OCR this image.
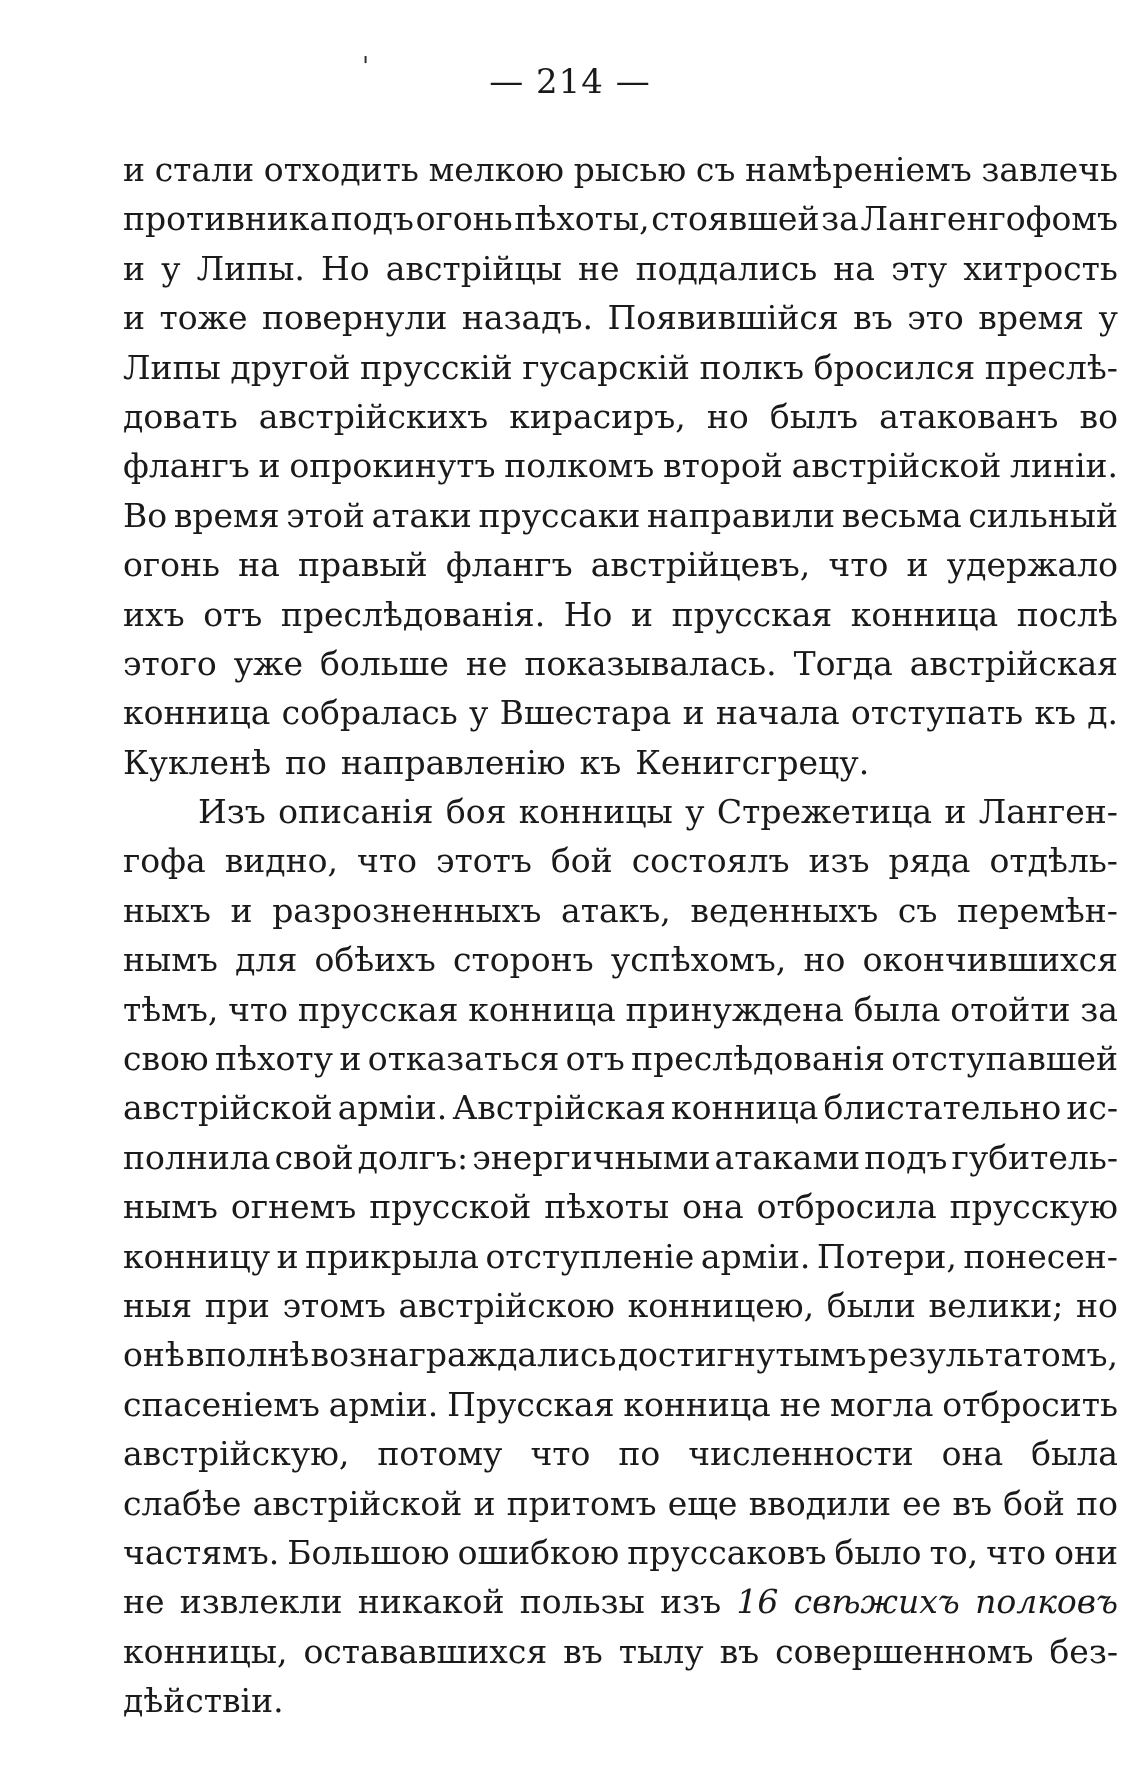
— 214 —
и стали отходить мелкою рысью съ намѣреніемъ завлечь
противника подъ огонь пѣхоты, стоявшей за Лангенгофомъ
и у Липы. Но австрійцы не поддались на эту хитрость
и тоже повернули назадъ. Появившійся въ это время у
Липы другой прусскій гусарскій полкъ бросился прeслѣ-
довать австрійскихъ кирасиръ, но былъ атакованъ во
флангъ и опрокинутъ полкомъ второй австрійской линіи.
Во время этой атаки пруссаки направили весьма сильный
огонь на правый флангъ австрійцевъ, что и удержало
ихъ отъ преслѣдованія. Но и прусская конница послѣ
этого уже больше не показывалась. Тогда австрійская
конница собралась у Вшестара и начала отступать къ д.
Кукленѣ по направленію къ Кенигсгрецу.
Изъ описанія боя конницы у Стрежетица и Ланген-
гофа видно, что этотъ бой состоялъ изъ ряда отдѣль-
ныхъ и разрозненныхъ атакъ, веденныхъ съ перемѣн-
нымъ для обѣихъ сторонъ успѣхомъ, но окончившихся
тѣмъ, что прусская конница принуждена была отойти за
свою пѣхоту и отказаться отъ преслѣдованія отступавшей
австрійской арміи. Австрійская конница блистательно ис-
полнила свой долгъ: энергичными атаками подъ губитель-
нымъ огнемъ прусской пѣхоты она отбросила прусскую
конницу и прикрыла отступленіе арміи. Потери, понесен-
ныя при этомъ австрійскою конницею, были велики; но
онѣ вполнѣ вознаграждались достигнутымъ результатомъ,
спасеніемъ арміи. Прусская конница не могла отбросить
австрійскую, потому что по численности она была
слабѣе австрійской и притомъ еще вводили ее въ бой по
частямъ. Большою ошибкою пруссаковъ было то, что они
не извлекли никакой пользы изъ 16 свѣжихъ полковъ
конницы, остававшихся въ тылу въ совершенномъ без-
дѣйствіи.
'
